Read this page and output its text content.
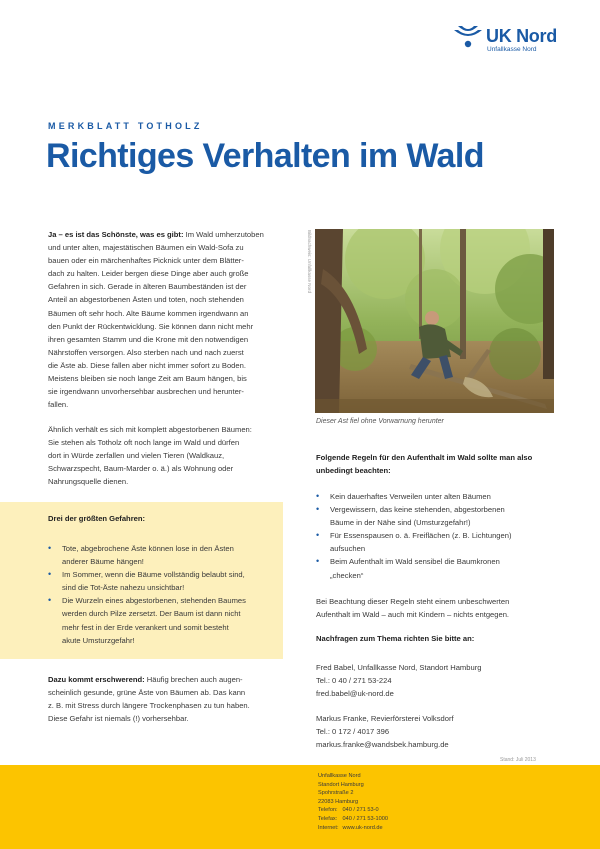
UK Nord
Unfallkasse Nord
MERKBLATT TOTHOLZ
Richtiges Verhalten im Wald
Ja – es ist das Schönste, was es gibt: Im Wald umherzutoben
und unter alten, majestätischen Bäumen ein Wald-Sofa zu
bauen oder ein märchenhaftes Picknick unter dem Blätter-
dach zu halten. Leider bergen diese Dinge aber auch große
Gefahren in sich. Gerade in älteren Baumbeständen ist der
Anteil an abgestorbenen Ästen und toten, noch stehenden
Bäumen oft sehr hoch. Alte Bäume kommen irgendwann an
den Punkt der Rückentwicklung. Sie können dann nicht mehr
ihren gesamten Stamm und die Krone mit den notwendigen
Nährstoffen versorgen. Also sterben nach und nach zuerst
die Äste ab. Diese fallen aber nicht immer sofort zu Boden.
Meistens bleiben sie noch lange Zeit am Baum hängen, bis
sie irgendwann unvorhersehbar ausbrechen und herunter-
fallen.
Ähnlich verhält es sich mit komplett abgestorbenen Bäumen:
Sie stehen als Totholz oft noch lange im Wald und dürfen
dort in Würde zerfallen und vielen Tieren (Waldkauz,
Schwarzspecht, Baum-Marder o. ä.) als Wohnung oder
Nahrungsquelle dienen.
Drei der größten Gefahren:
• Tote, abgebrochene Äste können lose in den Ästen
anderer Bäume hängen!
• Im Sommer, wenn die Bäume vollständig belaubt sind,
sind die Tot-Äste nahezu unsichtbar!
• Die Wurzeln eines abgestorbenen, stehenden Baumes
werden durch Pilze zersetzt. Der Baum ist dann nicht
mehr fest in der Erde verankert und somit besteht
akute Umsturzgefahr!
Dazu kommt erschwerend: Häufig brechen auch augen-
scheinlich gesunde, grüne Äste von Bäumen ab. Das kann
z. B. mit Stress durch längere Trockenphasen zu tun haben.
Diese Gefahr ist niemals (!) vorhersehbar.
Bildnachweis: Unfallkasse Nord
Dieser Ast fiel ohne Vorwarnung herunter
Folgende Regeln für den Aufenthalt im Wald sollte man also
unbedingt beachten:
• Kein dauerhaftes Verweilen unter alten Bäumen
• Vergewissern, das keine stehenden, abgestorbenen
Bäume in der Nähe sind (Umsturzgefahr!)
• Für Essenspausen o. ä. Freiflächen (z. B. Lichtungen)
aufsuchen
• Beim Aufenthalt im Wald sensibel die Baumkronen
„checken“
Bei Beachtung dieser Regeln steht einem unbeschwerten
Aufenthalt im Wald – auch mit Kindern – nichts entgegen.
Nachfragen zum Thema richten Sie bitte an:
Fred Babel, Unfallkasse Nord, Standort Hamburg
Tel.: 0 40 / 271 53-224
fred.babel@uk-nord.de
Markus Franke, Revierförsterei Volksdorf
Tel.: 0 172 / 4017 396
markus.franke@wandsbek.hamburg.de
Stand: Juli 2013
Unfallkasse Nord
Standort Hamburg
Spohrstraße 2
22083 Hamburg
Telefon:	040 / 271 53-0
Telefax:	040 / 271 53-1000
Internet:	www.uk-nord.de
